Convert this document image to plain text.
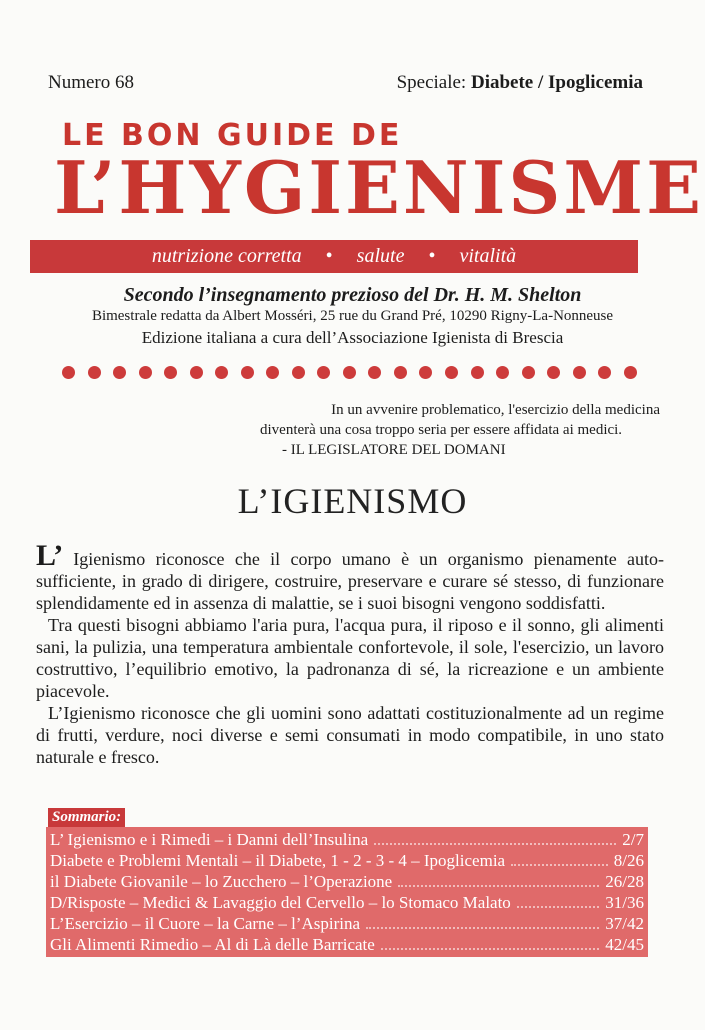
Numero 68	Speciale: Diabete / Ipoglicemia
LE BON GUIDE DE
L’HYGIENISME
nutrizione corretta • salute • vitalità
Secondo l’insegnamento prezioso del Dr. H. M. Shelton
Bimestrale redatta da Albert Mosséri, 25 rue du Grand Pré, 10290 Rigny-La-Nonneuse
Edizione italiana a cura dell’Associazione Igienista di Brescia
In un avvenire problematico, l'esercizio della medicina
diventerà una cosa troppo seria per essere affidata ai medici.
- IL LEGISLATORE DEL DOMANI
L’IGIENISMO

L’ Igienismo riconosce che il corpo umano è un organismo pienamente auto-sufficiente, in grado di dirigere, costruire, preservare e curare sé stesso, di funzionare splendidamente ed in assenza di malattie, se i suoi bisogni vengono soddisfatti.

Tra questi bisogni abbiamo l'aria pura, l'acqua pura, il riposo e il sonno, gli alimenti sani, la pulizia, una temperatura ambientale confortevole, il sole, l'esercizio, un lavoro costruttivo, l’equilibrio emotivo, la padronanza di sé, la ricreazione e un ambiente piacevole.

L’Igienismo riconosce che gli uomini sono adattati costituzionalmente ad un regime di frutti, verdure, noci diverse e semi consumati in modo compatibile, in uno stato naturale e fresco.

Sommario:
L’ Igienismo e i Rimedi – i Danni dell’Insulina	2/7
Diabete e Problemi Mentali – il Diabete, 1 - 2 - 3 - 4 – Ipoglicemia	8/26
il Diabete Giovanile – lo Zucchero – l’Operazione	26/28
D/Risposte – Medici & Lavaggio del Cervello – lo Stomaco Malato	31/36
L’Esercizio – il Cuore – la Carne – l’Aspirina	37/42
Gli Alimenti Rimedio – Al di Là delle Barricate	42/45
